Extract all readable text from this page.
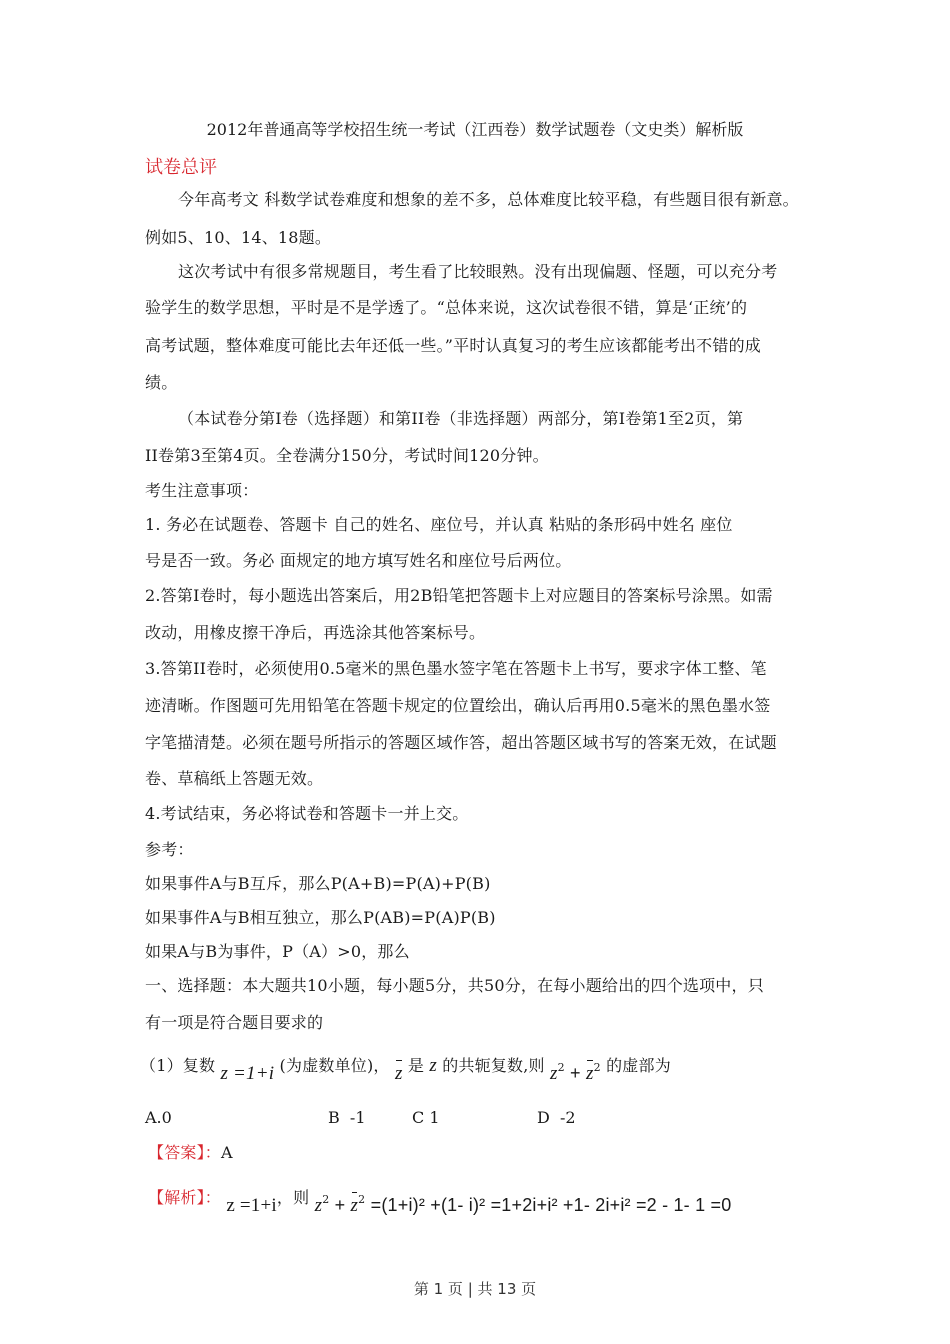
2012年普通高等学校招生统一考试（江西卷）数学试题卷（文史类）解析版
试卷总评
今年高考文 科数学试卷难度和想象的差不多，总体难度比较平稳，有些题目很有新意。
例如5、10、14、18题。
这次考试中有很多常规题目，考生看了比较眼熟。没有出现偏题、怪题，可以充分考
验学生的数学思想，平时是不是学透了。“总体来说，这次试卷很不错，算是‘正统’的
高考试题，整体难度可能比去年还低一些。”平时认真复习的考生应该都能考出不错的成
绩。
（本试卷分第I卷（选择题）和第II卷（非选择题）两部分，第I卷第1至2页，第
II卷第3至第4页。全卷满分150分，考试时间120分钟。
考生注意事项：
1. 务必在试题卷、答题卡 自己的姓名、座位号，并认真 粘贴的条形码中姓名 座位
号是否一致。务必 面规定的地方填写姓名和座位号后两位。
2.答第I卷时，每小题选出答案后，用2B铅笔把答题卡上对应题目的答案标号涂黑。如需
改动，用橡皮擦干净后，再选涂其他答案标号。
3.答第II卷时，必须使用0.5毫米的黑色墨水签字笔在答题卡上书写，要求字体工整、笔
迹清晰。作图题可先用铅笔在答题卡规定的位置绘出，确认后再用0.5毫米的黑色墨水签
字笔描清楚。必须在题号所指示的答题区域作答，超出答题区域书写的答案无效，在试题
卷、草稿纸上答题无效。
4.考试结束，务必将试卷和答题卡一并上交。
参考：
如果事件A与B互斥，那么P(A+B)=P(A)+P(B)
如果事件A与B相互独立，那么P(AB)=P(A)P(B)
如果A与B为事件，P（A）>0，那么
一、选择题：本大题共10小题，每小题5分，共50分，在每小题给出的四个选项中，只
有一项是符合题目要求的
（1）复数 z =1+i (为虚数单位)， z 是 z 的共轭复数,则 $z^2 + z^2$ 的虚部为
A.0	B  -1	C 1	D  -2
【答案】：A
【解析】： z =1+i，则 $z^2 + z^2 =(1+i)^2 +(1-$ i)² =1+2i+i² +1- 2i+i² =2 - 1- 1 =0
第 1 页 | 共 13 页
